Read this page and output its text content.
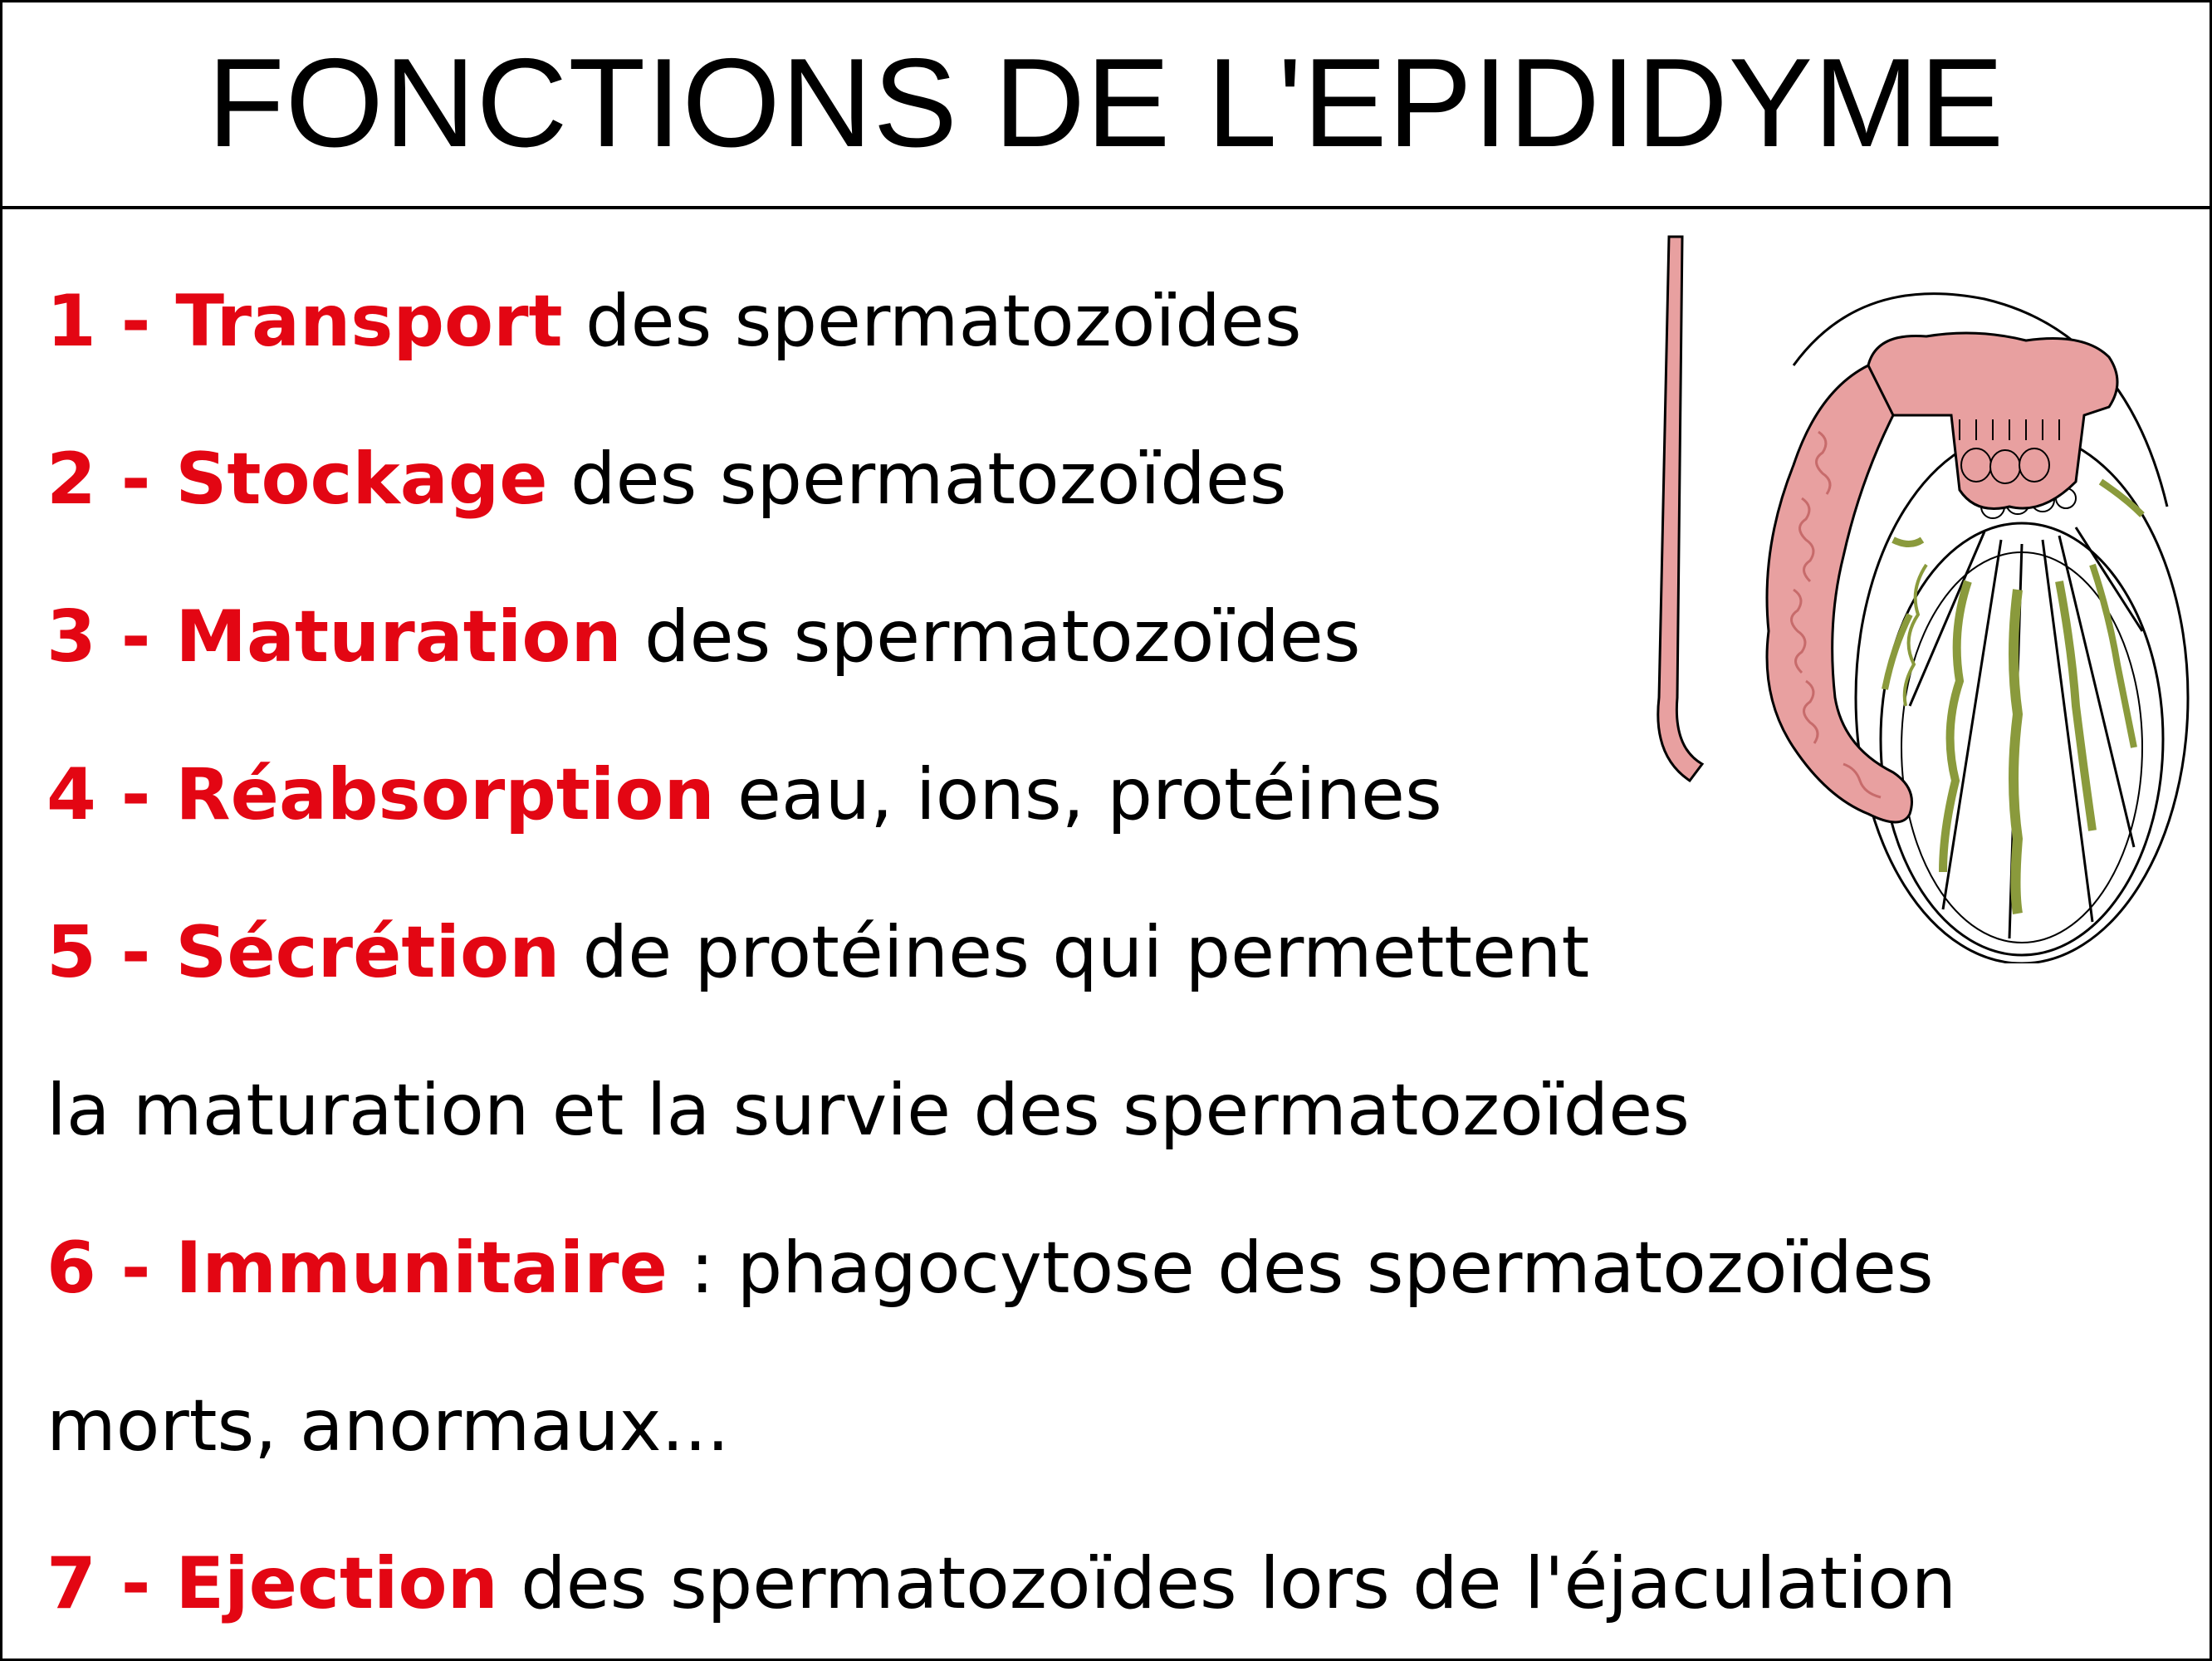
FONCTIONS DE L'EPIDIDYME

1 - Transport des spermatozoïdes

2 - Stockage des spermatozoïdes

3 - Maturation des spermatozoïdes

4 - Réabsorption eau, ions, protéines

5 - Sécrétion de protéines qui permettent

la maturation et la survie des spermatozoïdes

6 - Immunitaire : phagocytose des spermatozoïdes

morts, anormaux...

7 - Ejection des spermatozoïdes lors de l'éjaculation
